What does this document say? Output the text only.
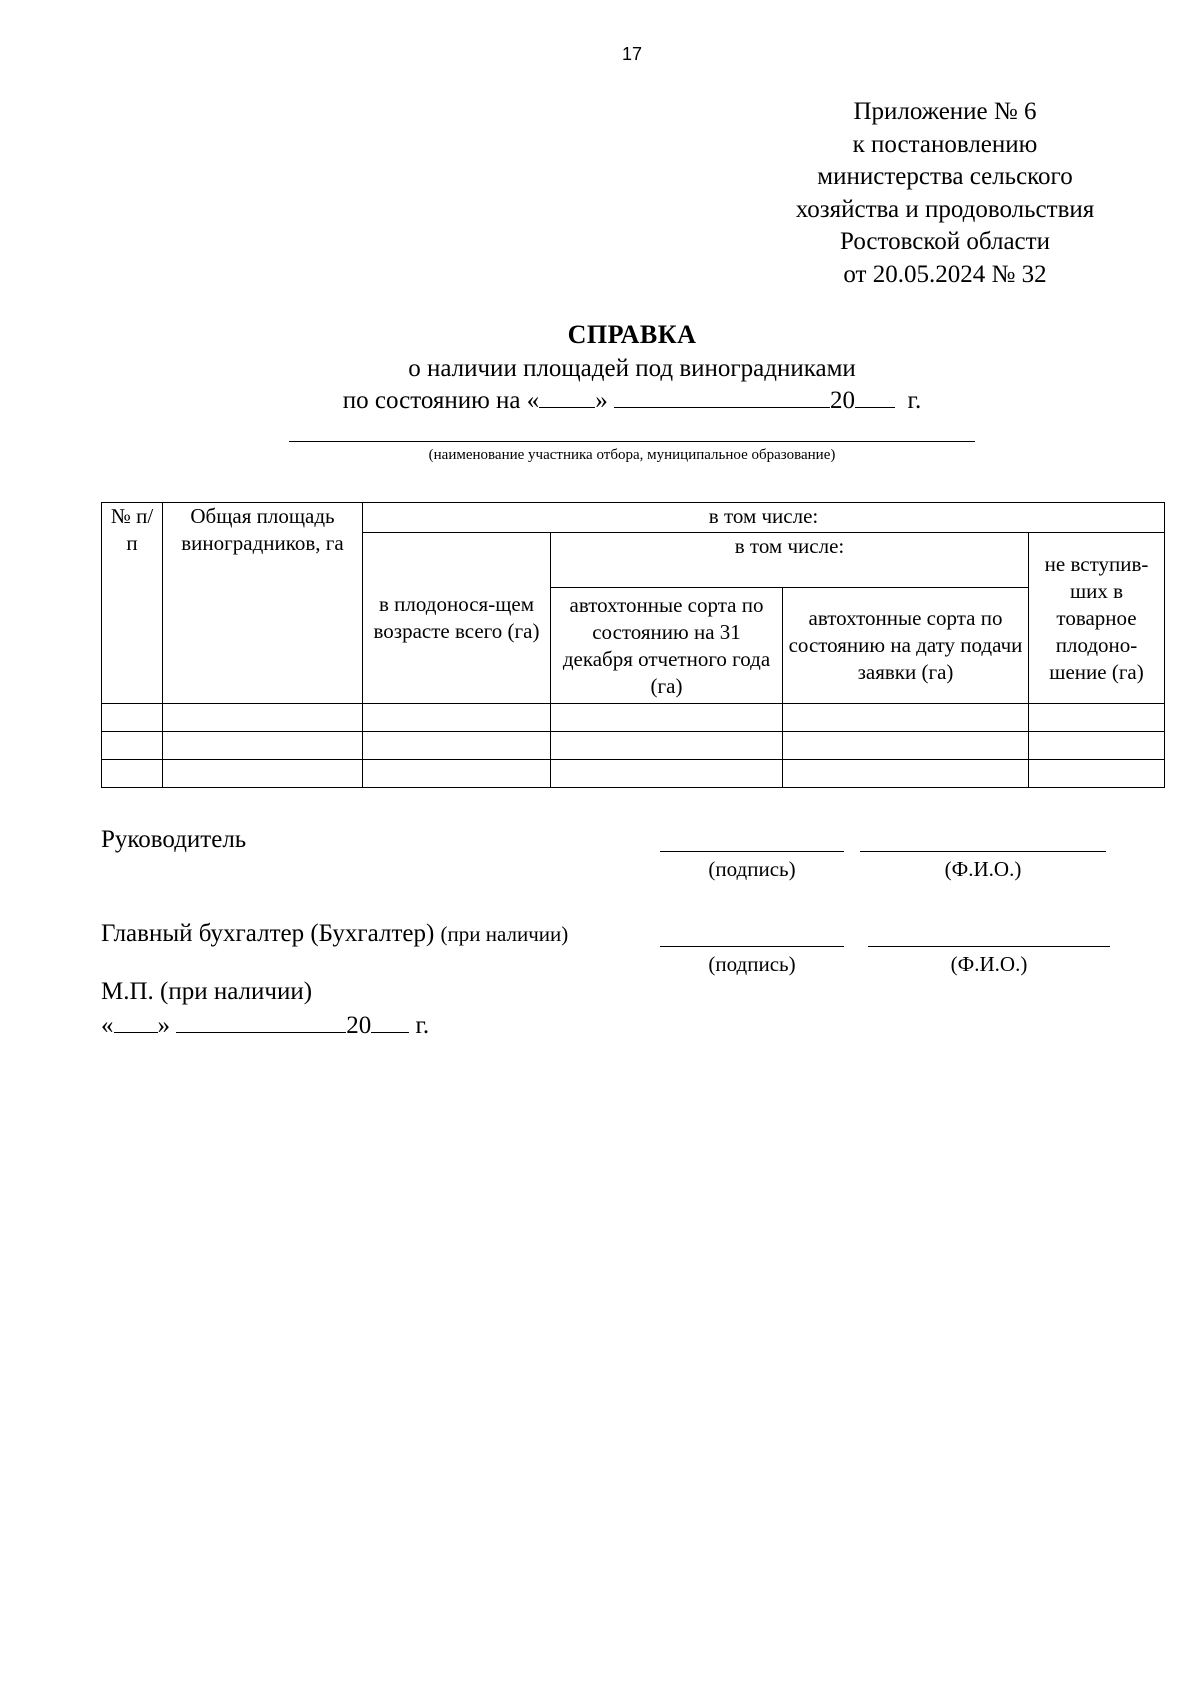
17
Приложение № 6
к постановлению
министерства сельского
хозяйства и продовольствия
Ростовской области
от 20.05.2024 № 32
СПРАВКА
о наличии площадей под виноградниками
по состоянию на « »	20 г.
(наименование участника отбора, муниципальное образование)
№ п/п	Общая площадь виноградников, га	в том числе:			
		в плодонося-щем возрасте всего (га)	в том числе:		не вступив-ших в товарное плодоно-шение (га)
			автохтонные сорта по состоянию на 31 декабря отчетного года (га)	автохтонные сорта по состоянию на дату подачи заявки (га)	

Руководитель
(подпись)	(Ф.И.О.)
Главный бухгалтер (Бухгалтер) (при наличии)
(подпись)	(Ф.И.О.)
М.П. (при наличии)
« »	20 г.
